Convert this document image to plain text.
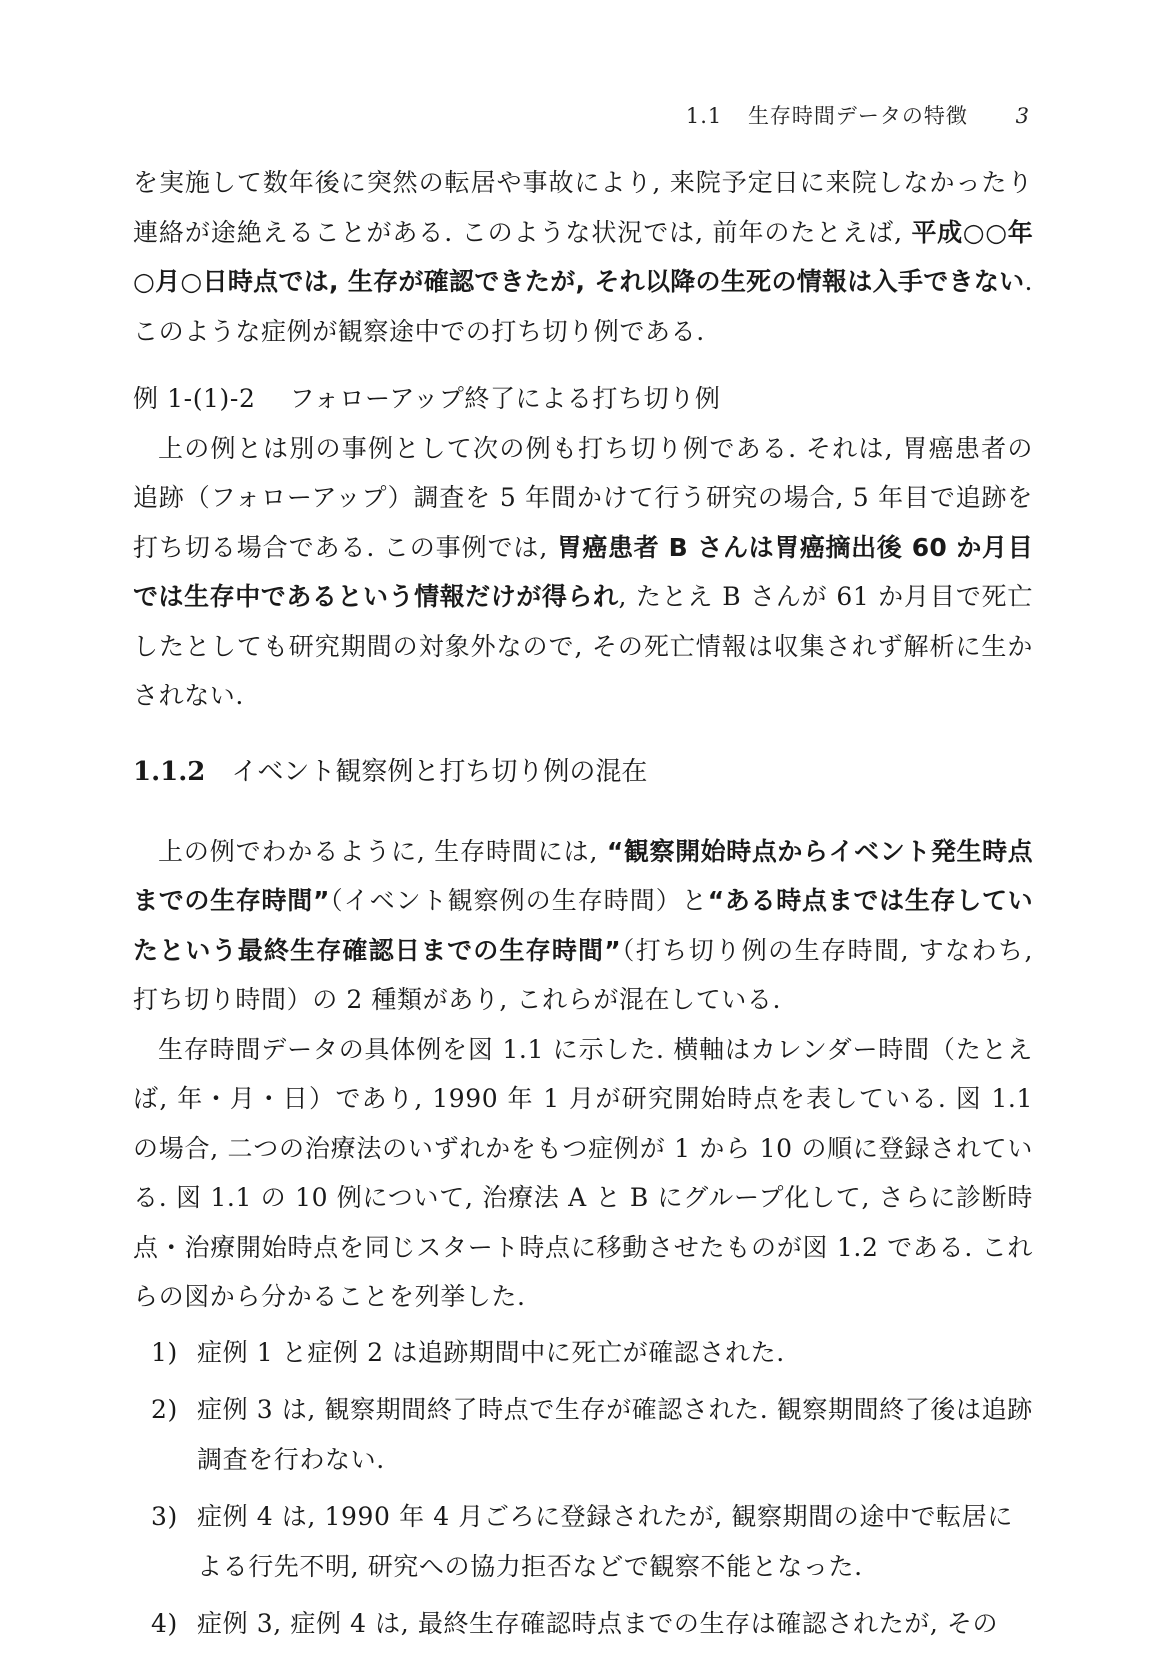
1.1 生存時間データの特徴 3

を実施して数年後に突然の転居や事故により, 来院予定日に来院しなかったり連絡が途絶えることがある. このような状況では, 前年のたとえば, 平成○○年○月○日時点では, 生存が確認できたが, それ以降の生死の情報は入手できない. このような症例が観察途中での打ち切り例である.

例 1-(1)-2 フォローアップ終了による打ち切り例

上の例とは別の事例として次の例も打ち切り例である. それは, 胃癌患者の追跡（フォローアップ）調査を 5 年間かけて行う研究の場合, 5 年目で追跡を打ち切る場合である. この事例では, 胃癌患者 B さんは胃癌摘出後 60 か月目では生存中であるという情報だけが得られ, たとえ B さんが 61 か月目で死亡したとしても研究期間の対象外なので, その死亡情報は収集されず解析に生かされない.

1.1.2 イベント観察例と打ち切り例の混在

上の例でわかるように, 生存時間には, “観察開始時点からイベント発生時点までの生存時間”（イベント観察例の生存時間）と“ある時点までは生存していたという最終生存確認日までの生存時間”（打ち切り例の生存時間, すなわち, 打ち切り時間）の 2 種類があり, これらが混在している.

生存時間データの具体例を図 1.1 に示した. 横軸はカレンダー時間（たとえば, 年・月・日）であり, 1990 年 1 月が研究開始時点を表している. 図 1.1 の場合, 二つの治療法のいずれかをもつ症例が 1 から 10 の順に登録されている. 図 1.1 の 10 例について, 治療法 A と B にグループ化して, さらに診断時点・治療開始時点を同じスタート時点に移動させたものが図 1.2 である. これらの図から分かることを列挙した.

1) 症例 1 と症例 2 は追跡期間中に死亡が確認された.
2) 症例 3 は, 観察期間終了時点で生存が確認された. 観察期間終了後は追跡調査を行わない.
3) 症例 4 は, 1990 年 4 月ごろに登録されたが, 観察期間の途中で転居による行先不明, 研究への協力拒否などで観察不能となった.
4) 症例 3, 症例 4 は, 最終生存確認時点までの生存は確認されたが, その
